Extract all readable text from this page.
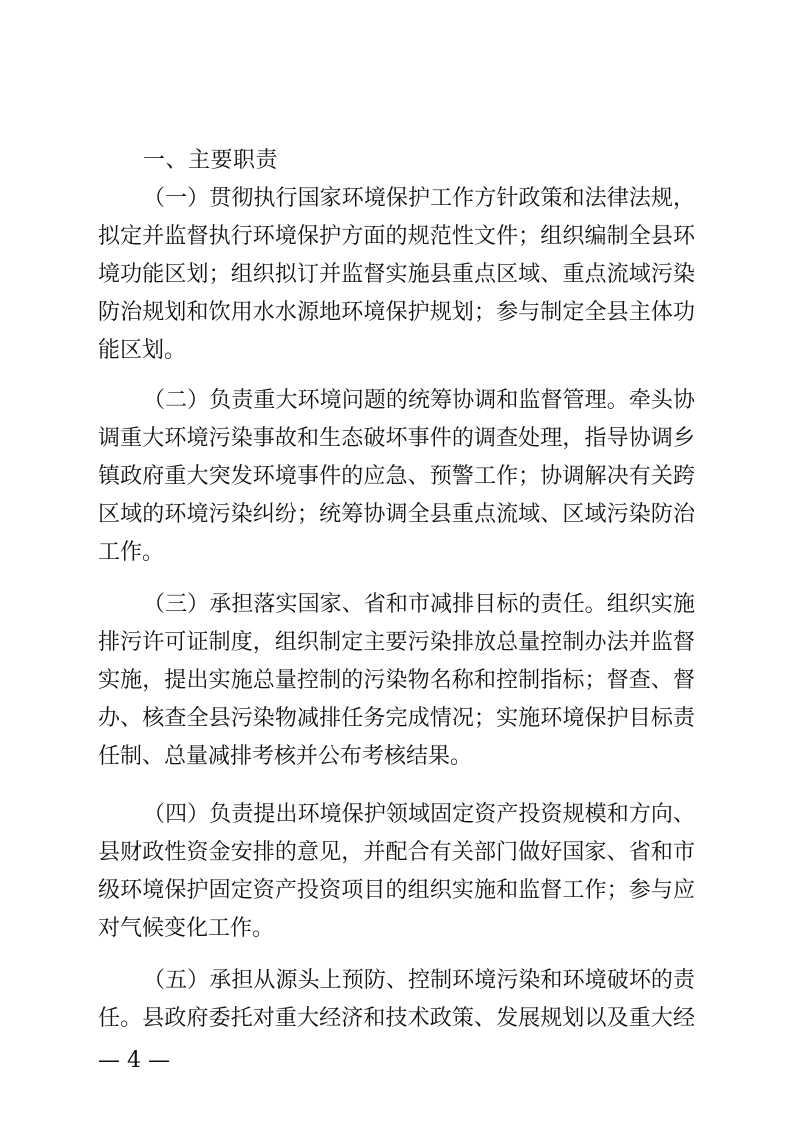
一、主要职责
（一）贯彻执行国家环境保护工作方针政策和法律法规，
拟定并监督执行环境保护方面的规范性文件；组织编制全县环
境功能区划；组织拟订并监督实施县重点区域、重点流域污染
防治规划和饮用水水源地环境保护规划；参与制定全县主体功
能区划。
（二）负责重大环境问题的统筹协调和监督管理。牵头协
调重大环境污染事故和生态破坏事件的调查处理，指导协调乡
镇政府重大突发环境事件的应急、预警工作；协调解决有关跨
区域的环境污染纠纷；统筹协调全县重点流域、区域污染防治
工作。
（三）承担落实国家、省和市减排目标的责任。组织实施
排污许可证制度，组织制定主要污染排放总量控制办法并监督
实施，提出实施总量控制的污染物名称和控制指标；督查、督
办、核查全县污染物减排任务完成情况；实施环境保护目标责
任制、总量减排考核并公布考核结果。
（四）负责提出环境保护领域固定资产投资规模和方向、
县财政性资金安排的意见，并配合有关部门做好国家、省和市
级环境保护固定资产投资项目的组织实施和监督工作；参与应
对气候变化工作。
（五）承担从源头上预防、控制环境污染和环境破坏的责
任。县政府委托对重大经济和技术政策、发展规划以及重大经
— 4 —
